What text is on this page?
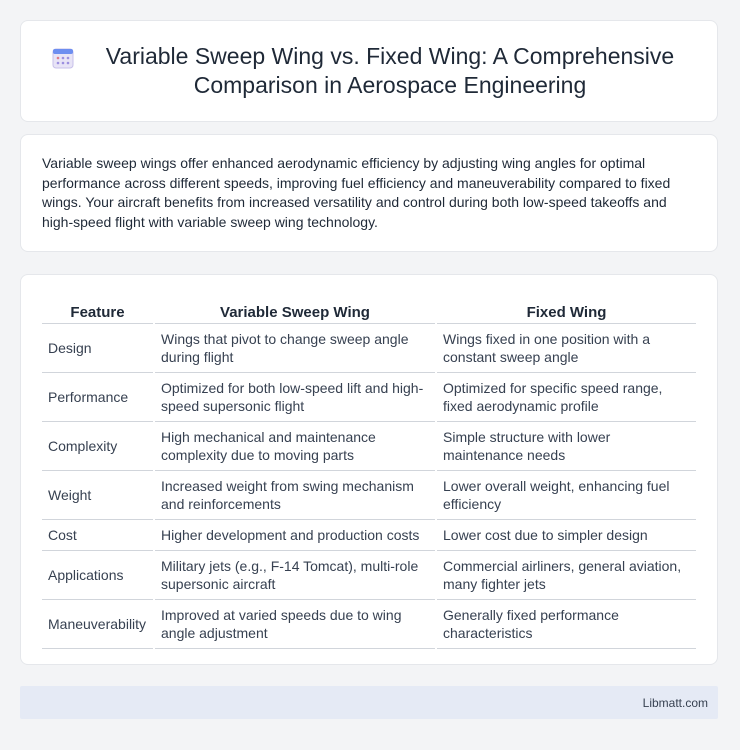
Variable Sweep Wing vs. Fixed Wing: A Comprehensive Comparison in Aerospace Engineering

Variable sweep wings offer enhanced aerodynamic efficiency by adjusting wing angles for optimal performance across different speeds, improving fuel efficiency and maneuverability compared to fixed wings. Your aircraft benefits from increased versatility and control during both low-speed takeoffs and high-speed flight with variable sweep wing technology.

Feature	Variable Sweep Wing	Fixed Wing
Design	Wings that pivot to change sweep angle during flight	Wings fixed in one position with a constant sweep angle
Performance	Optimized for both low-speed lift and high-speed supersonic flight	Optimized for specific speed range, fixed aerodynamic profile
Complexity	High mechanical and maintenance complexity due to moving parts	Simple structure with lower maintenance needs
Weight	Increased weight from swing mechanism and reinforcements	Lower overall weight, enhancing fuel efficiency
Cost	Higher development and production costs	Lower cost due to simpler design
Applications	Military jets (e.g., F-14 Tomcat), multi-role supersonic aircraft	Commercial airliners, general aviation, many fighter jets
Maneuverability	Improved at varied speeds due to wing angle adjustment	Generally fixed performance characteristics
Libmatt.com
